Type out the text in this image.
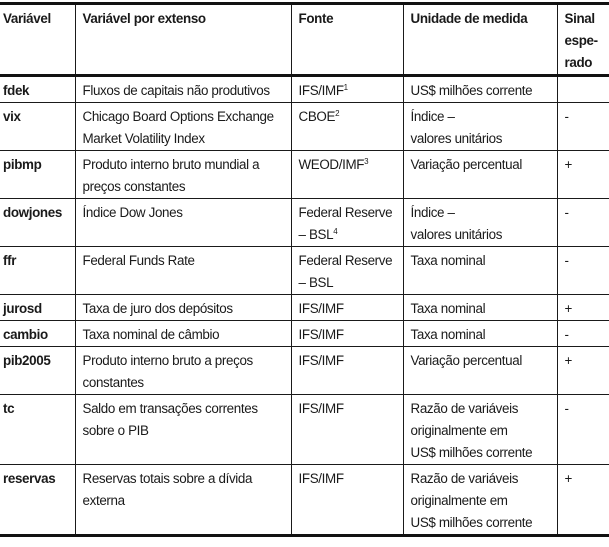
Variável	Variável por extenso	Fonte	Unidade de medida	Sinal
espe-
rado

fdek	Fluxos de capitais não produtivos	IFS/IMF$^1$	US$ milhões corrente	

vix	Chicago Board Options Exchange
Market Volatility Index	CBOE$^2$	Índice –
valores unitários	-
pibmp	Produto interno bruto mundial a
preços constantes	WEOD/IMF$^3$	Variação percentual	+
dowjones	Índice Dow Jones	Federal Reserve
– BSL$^4$	Índice –
valores unitários	-
ffr	Federal Funds Rate	Federal Reserve
– BSL	Taxa nominal	-
jurosd	Taxa de juro dos depósitos	IFS/IMF	Taxa nominal	+
cambio	Taxa nominal de câmbio	IFS/IMF	Taxa nominal	-
pib2005	Produto interno bruto a preços
constantes	IFS/IMF	Variação percentual	+
tc	Saldo em transações correntes
sobre o PIB	IFS/IMF	Razão de variáveis
originalmente em
US$ milhões corrente	-
reservas	Reservas totais sobre a dívida
externa	IFS/IMF	Razão de variáveis
originalmente em
US$ milhões corrente	+
